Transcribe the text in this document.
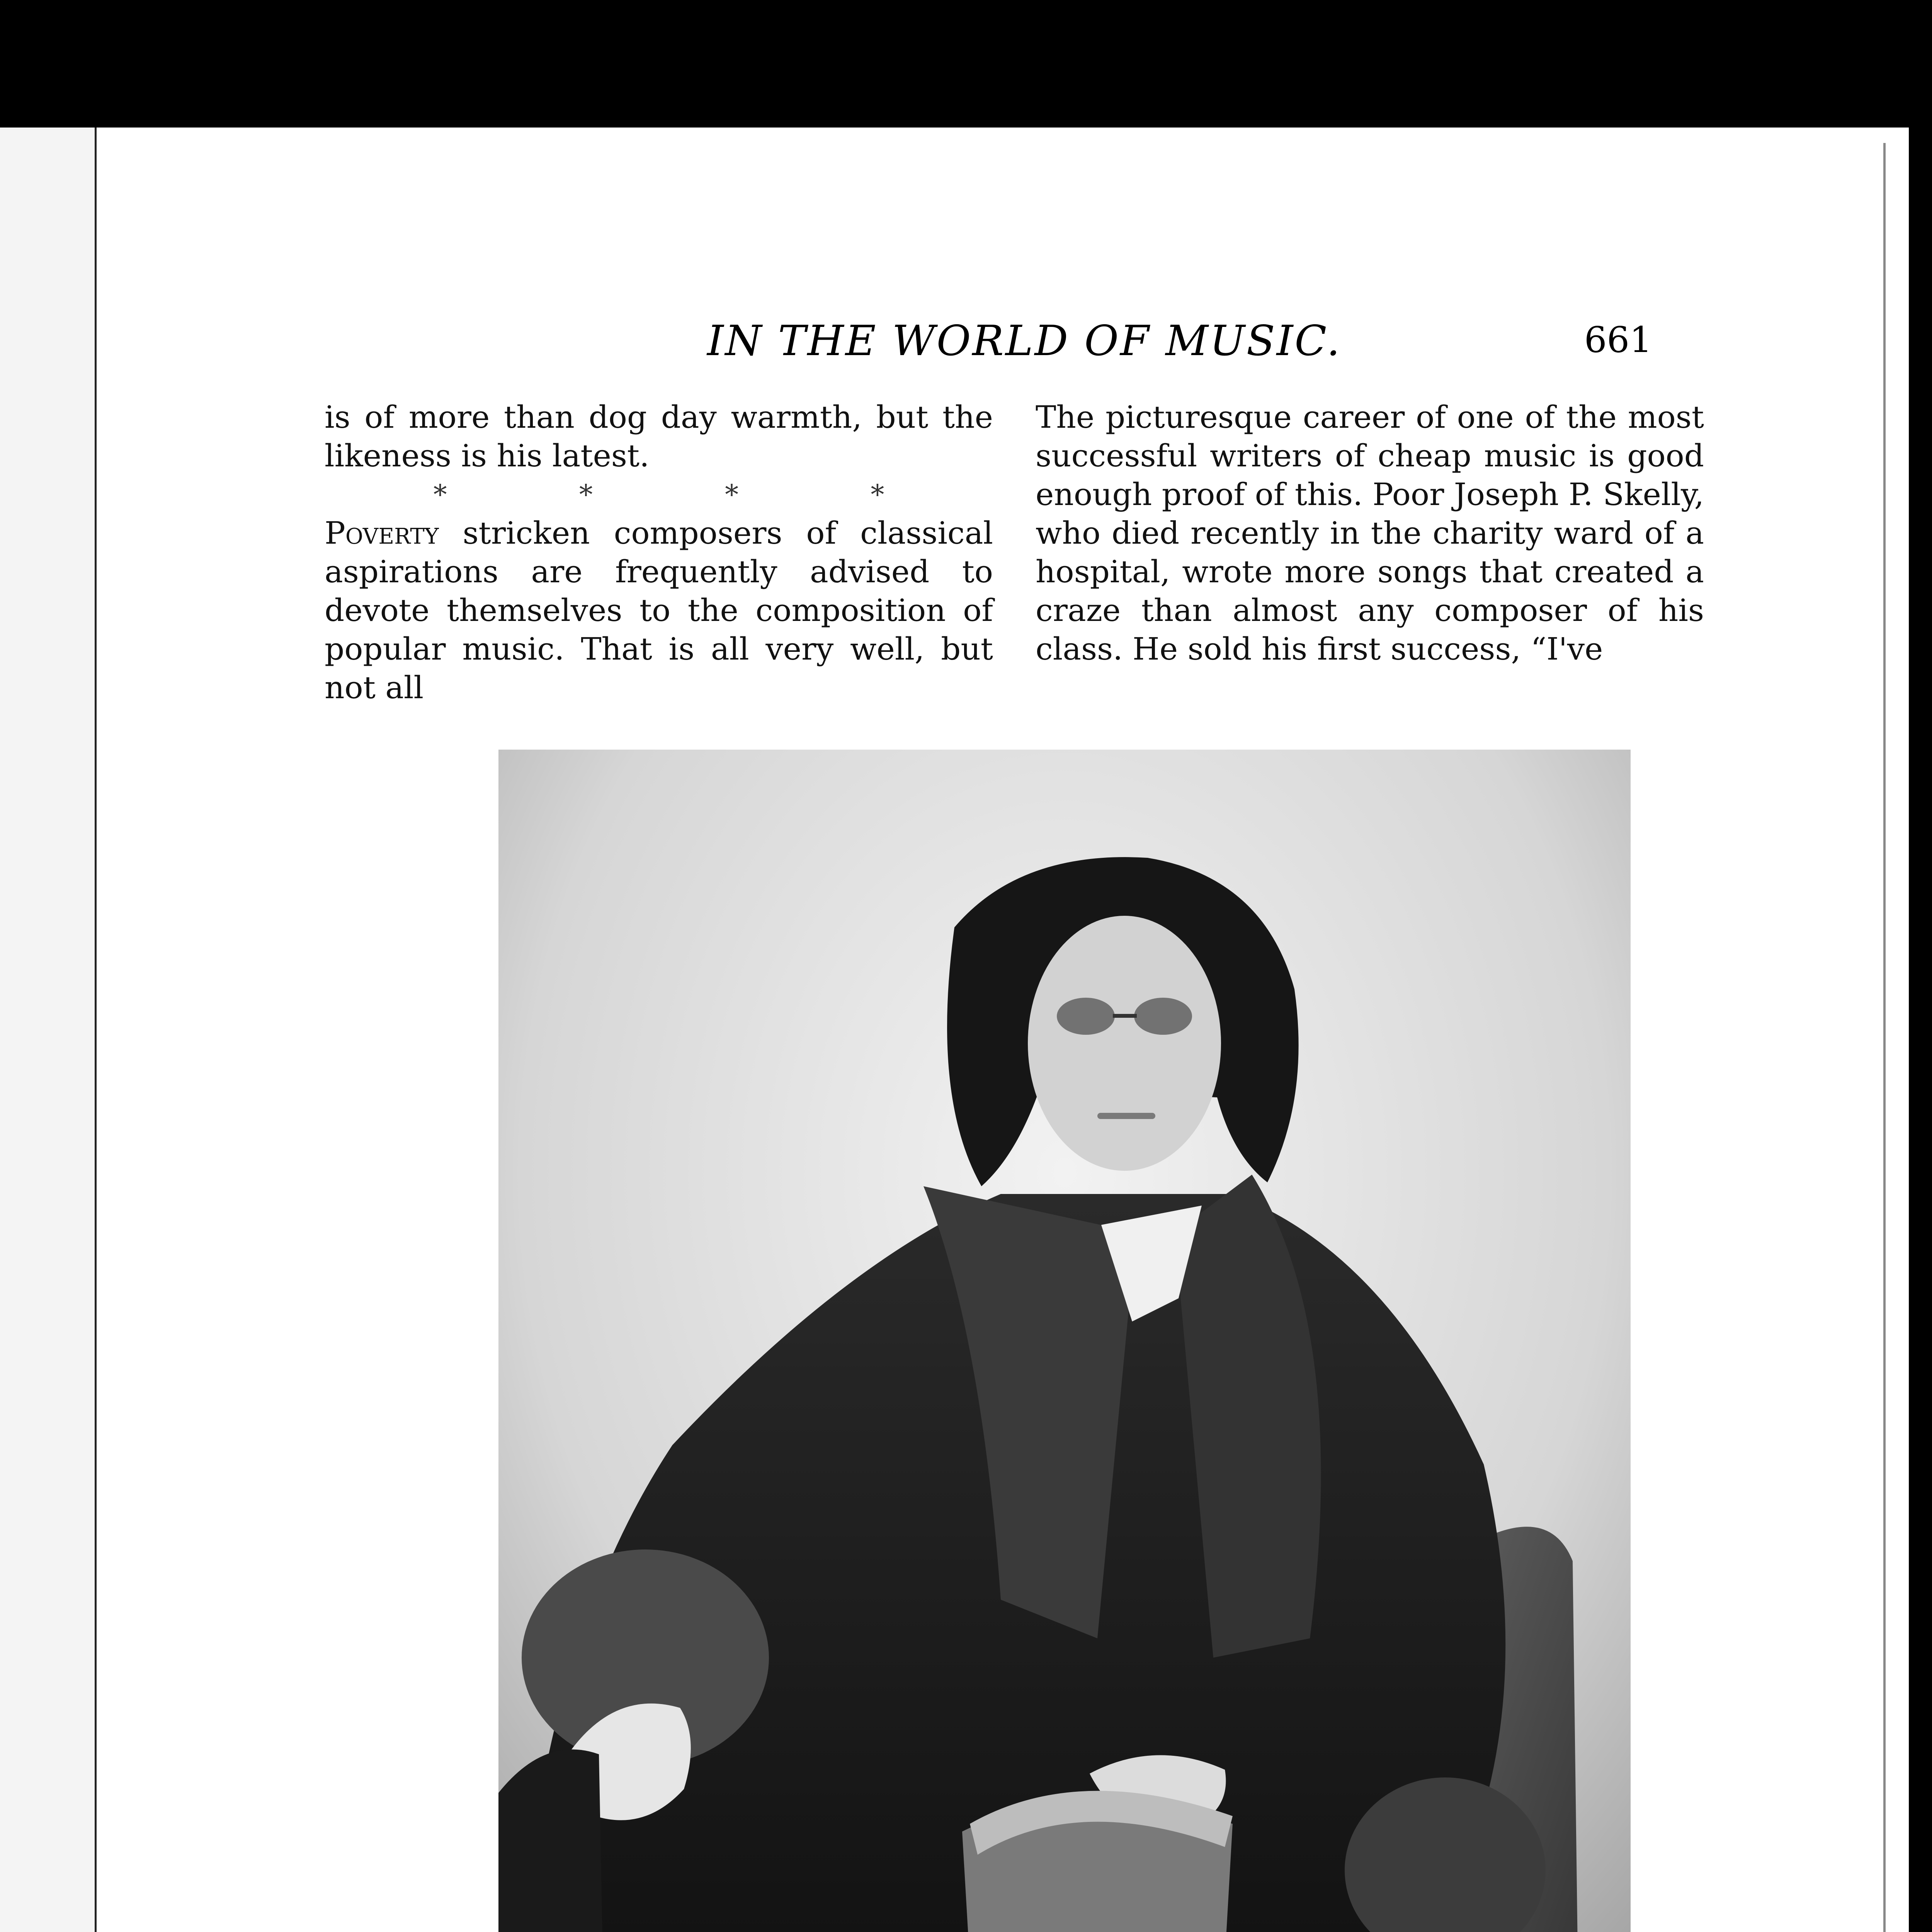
IN THE WORLD OF MUSIC.	661

is of more than dog day warmth, but the likeness is his latest.

* * * *

Poverty stricken composers of classical aspirations are frequently advised to devote themselves to the composition of popular music. That is all very well, but not all

The picturesque career of one of the most successful writers of cheap music is good enough proof of this. Poor Joseph P. Skelly, who died recently in the charity ward of a hospital, wrote more songs that created a craze than almost any composer of his class. He sold his first success, “I've
